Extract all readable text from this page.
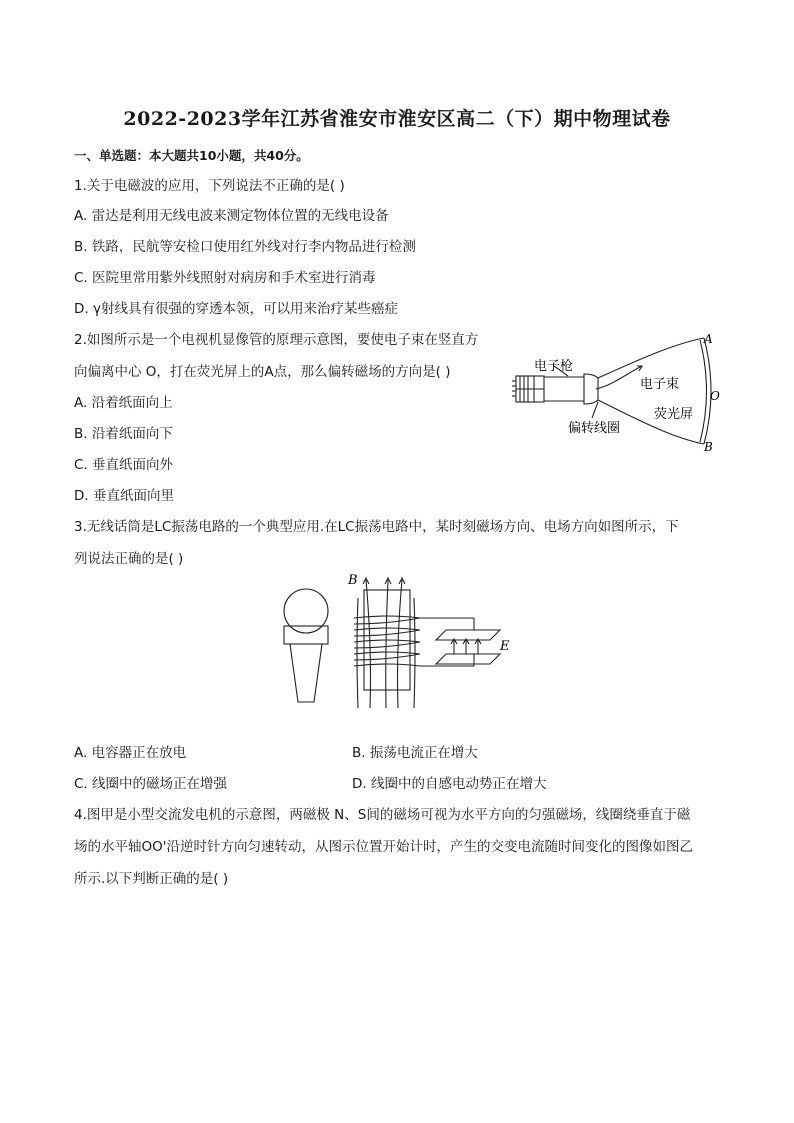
2022-2023学年江苏省淮安市淮安区高二（下）期中物理试卷
一、单选题：本大题共10小题，共40分。
1.关于电磁波的应用，下列说法不正确的是( )
A. 雷达是利用无线电波来测定物体位置的无线电设备
B. 铁路，民航等安检口使用红外线对行李内物品进行检测
C. 医院里常用紫外线照射对病房和手术室进行消毒
D. γ射线具有很强的穿透本领，可以用来治疗某些癌症
2.如图所示是一个电视机显像管的原理示意图，要使电子束在竖直方
向偏离中心 O，打在荧光屏上的A点，那么偏转磁场的方向是( )
A. 沿着纸面向上
B. 沿着纸面向下
C. 垂直纸面向外
D. 垂直纸面向里
电子枪
电子束
荧光屏
偏转线圈
A
O
B
3.无线话筒是LC振荡电路的一个典型应用.在LC振荡电路中，某时刻磁场方向、电场方向如图所示，下
列说法正确的是( )
B
E
A. 电容器正在放电	B. 振荡电流正在增大
C. 线圈中的磁场正在增强	D. 线圈中的自感电动势正在增大
4.图甲是小型交流发电机的示意图，两磁极 N、S间的磁场可视为水平方向的匀强磁场，线圈绕垂直于磁
场的水平轴OO'沿逆时针方向匀速转动，从图示位置开始计时，产生的交变电流随时间变化的图像如图乙
所示.以下判断正确的是( )
